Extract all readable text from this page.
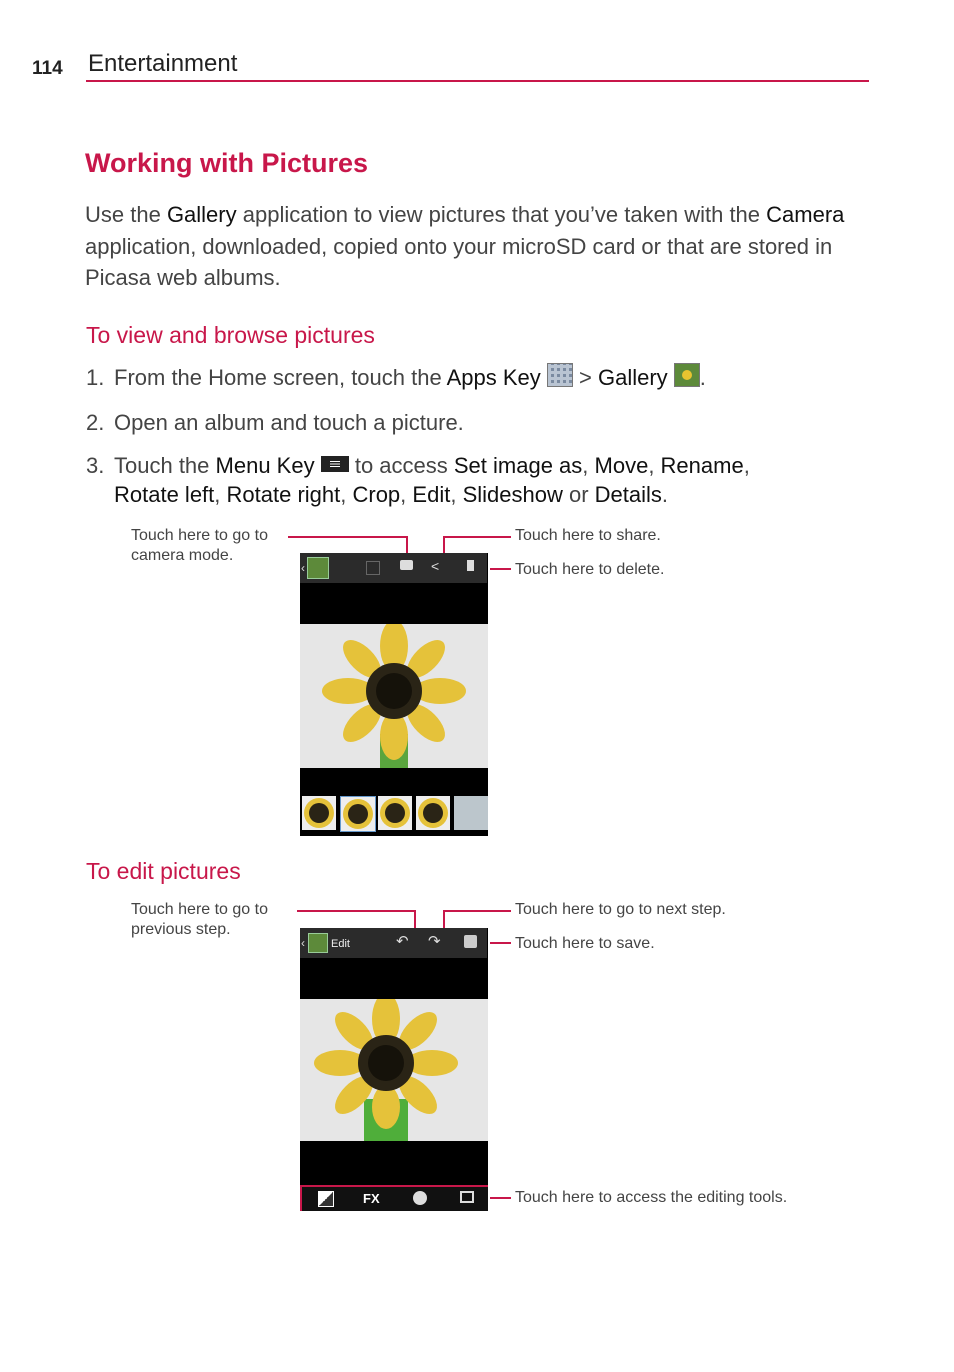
114 Entertainment
Working with Pictures
Use the Gallery application to view pictures that you’ve taken with the Camera application, downloaded, copied onto your microSD card or that are stored in Picasa web albums.
To view and browse pictures
1. From the Home screen, touch the Apps Key  > Gallery .
2. Open an album and touch a picture.
3. Touch the Menu Key
to access Set image as, Move, Rename,
Rotate left, Rotate right, Crop, Edit, Slideshow or Details.
Touch here to go to
camera mode.
Touch here to share.
Touch here to delete.
‹	<
To edit pictures
Touch here to go to
previous step.
Touch here to go to next step.
Touch here to save.
Touch here to access the editing tools.
‹ Edit	↶ ↷
FX
